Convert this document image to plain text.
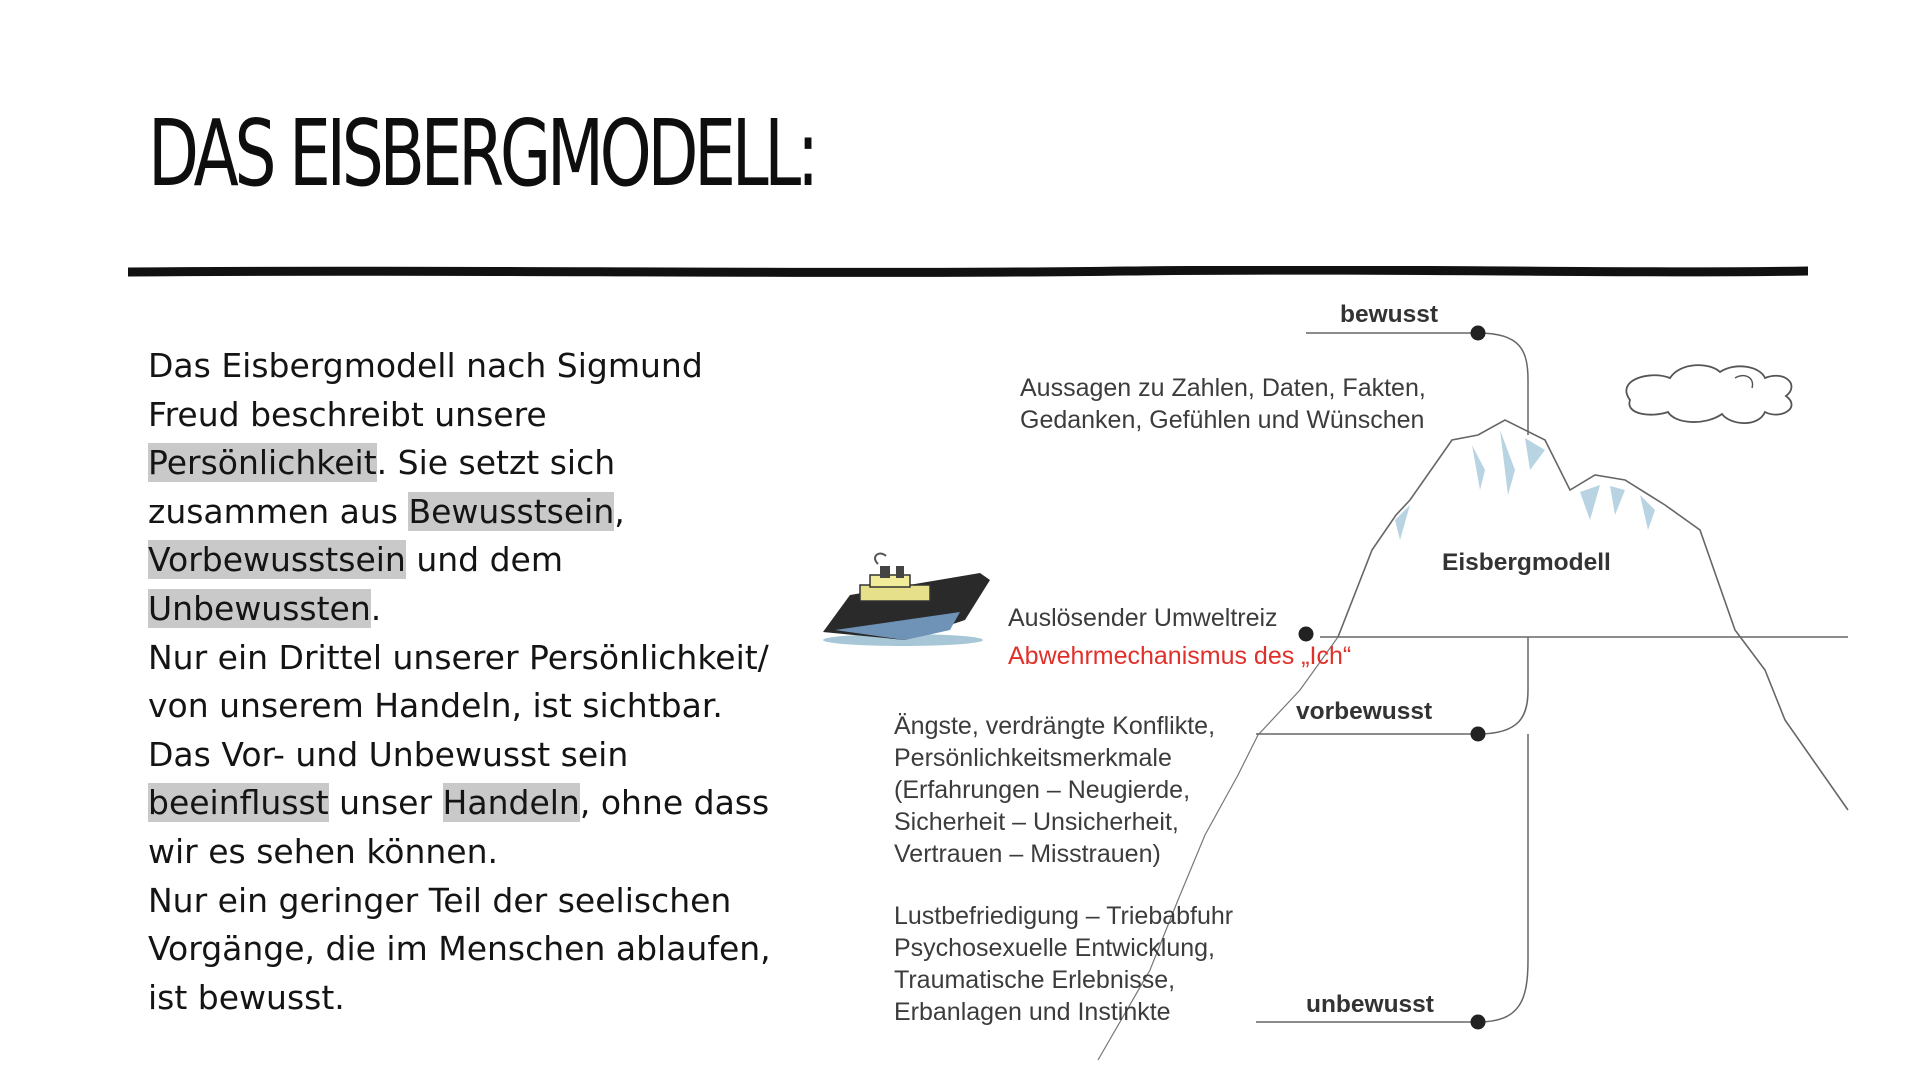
DAS EISBERGMODELL:
Das Eisbergmodell nach Sigmund Freud beschreibt unsere Persönlichkeit. Sie setzt sich zusammen aus Bewusstsein, Vorbewusstsein und dem Unbewussten.
Nur ein Drittel unserer Persönlichkeit/ von unserem Handeln, ist sichtbar. Das Vor- und Unbewusst sein beeinflusst unser Handeln, ohne dass wir es sehen können.
Nur ein geringer Teil der seelischen Vorgänge, die im Menschen ablaufen, ist bewusst.
bewusst
Aussagen zu Zahlen, Daten, Fakten,
Gedanken, Gefühlen und Wünschen
Eisbergmodell
Auslösender Umweltreiz
Abwehrmechanismus des „Ich“
vorbewusst
Ängste, verdrängte Konflikte,
Persönlichkeitsmerkmale
(Erfahrungen – Neugierde,
Sicherheit – Unsicherheit,
Vertrauen – Misstrauen)
Lustbefriedigung – Triebabfuhr
Psychosexuelle Entwicklung,
Traumatische Erlebnisse,
Erbanlagen und Instinkte	unbewusst
